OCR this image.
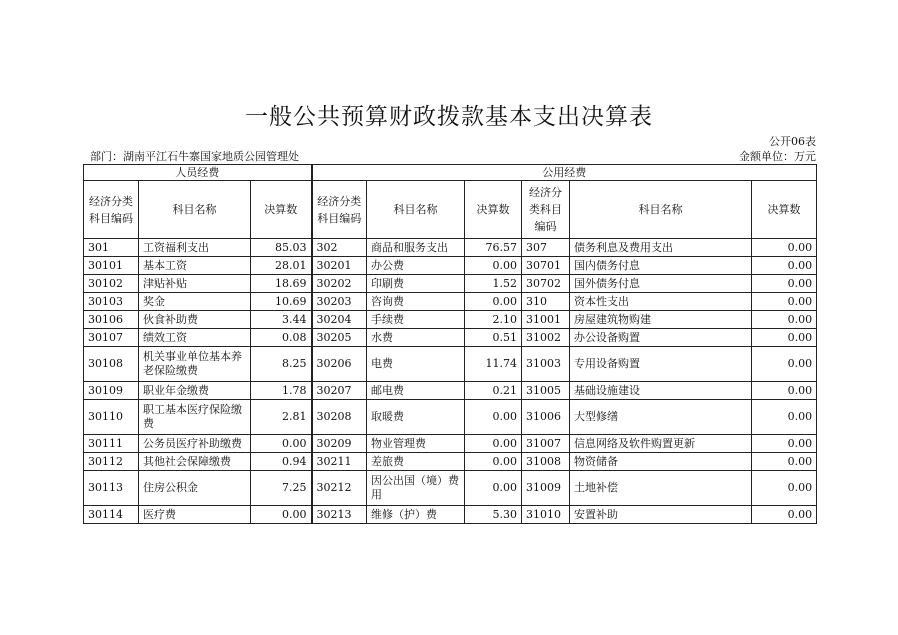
一般公共预算财政拨款基本支出决算表
公开06表
部门：湖南平江石牛寨国家地质公园管理处	金额单位：万元
人员经费			公用经费					
经济分类科目编码	科目名称	决算数	经济分类科目编码	科目名称	决算数	经济分类科目编码	科目名称	决算数
301	工资福利支出	85.03	302	商品和服务支出	76.57	307	债务利息及费用支出	0.00
30101	基本工资	28.01	30201	办公费	0.00	30701	国内债务付息	0.00
30102	津贴补贴	18.69	30202	印刷费	1.52	30702	国外债务付息	0.00
30103	奖金	10.69	30203	咨询费	0.00	310	资本性支出	0.00
30106	伙食补助费	3.44	30204	手续费	2.10	31001	房屋建筑物购建	0.00
30107	绩效工资	0.08	30205	水费	0.51	31002	办公设备购置	0.00
30108	机关事业单位基本养老保险缴费	8.25	30206	电费	11.74	31003	专用设备购置	0.00
30109	职业年金缴费	1.78	30207	邮电费	0.21	31005	基础设施建设	0.00
30110	职工基本医疗保险缴费	2.81	30208	取暖费	0.00	31006	大型修缮	0.00
30111	公务员医疗补助缴费	0.00	30209	物业管理费	0.00	31007	信息网络及软件购置更新	0.00
30112	其他社会保障缴费	0.94	30211	差旅费	0.00	31008	物资储备	0.00
30113	住房公积金	7.25	30212	因公出国（境）费用	0.00	31009	土地补偿	0.00
30114	医疗费	0.00	30213	维修（护）费	5.30	31010	安置补助	0.00
